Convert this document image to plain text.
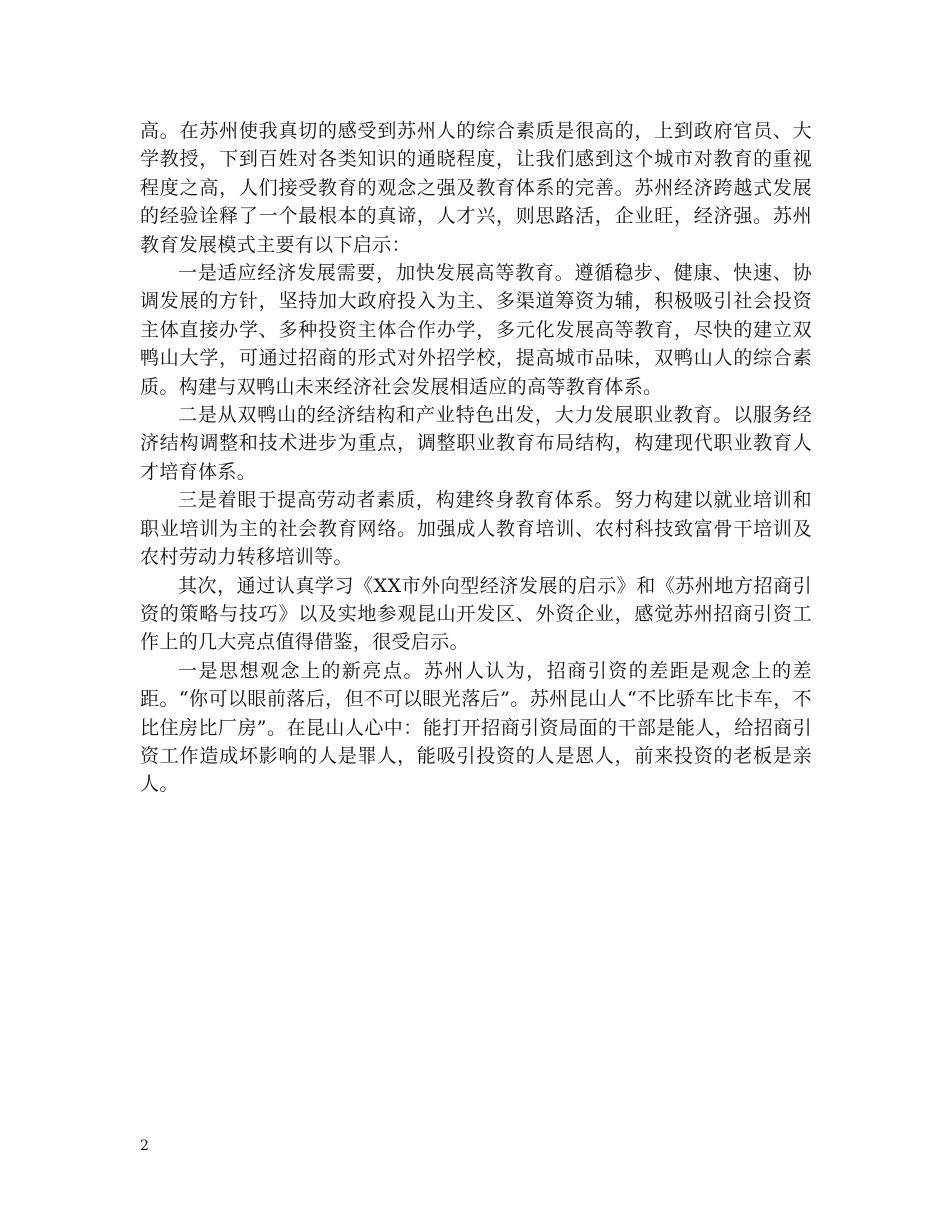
高。在苏州使我真切的感受到苏州人的综合素质是很高的，上到政府官员、大学教授，下到百姓对各类知识的通晓程度，让我们感到这个城市对教育的重视程度之高，人们接受教育的观念之强及教育体系的完善。苏州经济跨越式发展的经验诠释了一个最根本的真谛，人才兴，则思路活，企业旺，经济强。苏州教育发展模式主要有以下启示：

一是适应经济发展需要，加快发展高等教育。遵循稳步、健康、快速、协调发展的方针，坚持加大政府投入为主、多渠道筹资为辅，积极吸引社会投资主体直接办学、多种投资主体合作办学，多元化发展高等教育，尽快的建立双鸭山大学，可通过招商的形式对外招学校，提高城市品味，双鸭山人的综合素质。构建与双鸭山未来经济社会发展相适应的高等教育体系。

二是从双鸭山的经济结构和产业特色出发，大力发展职业教育。以服务经济结构调整和技术进步为重点，调整职业教育布局结构，构建现代职业教育人才培育体系。

三是着眼于提高劳动者素质，构建终身教育体系。努力构建以就业培训和职业培训为主的社会教育网络。加强成人教育培训、农村科技致富骨干培训及农村劳动力转移培训等。

其次，通过认真学习《XX市外向型经济发展的启示》和《苏州地方招商引资的策略与技巧》以及实地参观昆山开发区、外资企业，感觉苏州招商引资工作上的几大亮点值得借鉴，很受启示。

一是思想观念上的新亮点。苏州人认为，招商引资的差距是观念上的差距。“你可以眼前落后，但不可以眼光落后”。苏州昆山人“不比骄车比卡车，不比住房比厂房”。在昆山人心中：能打开招商引资局面的干部是能人，给招商引资工作造成坏影响的人是罪人，能吸引投资的人是恩人，前来投资的老板是亲人。

2
